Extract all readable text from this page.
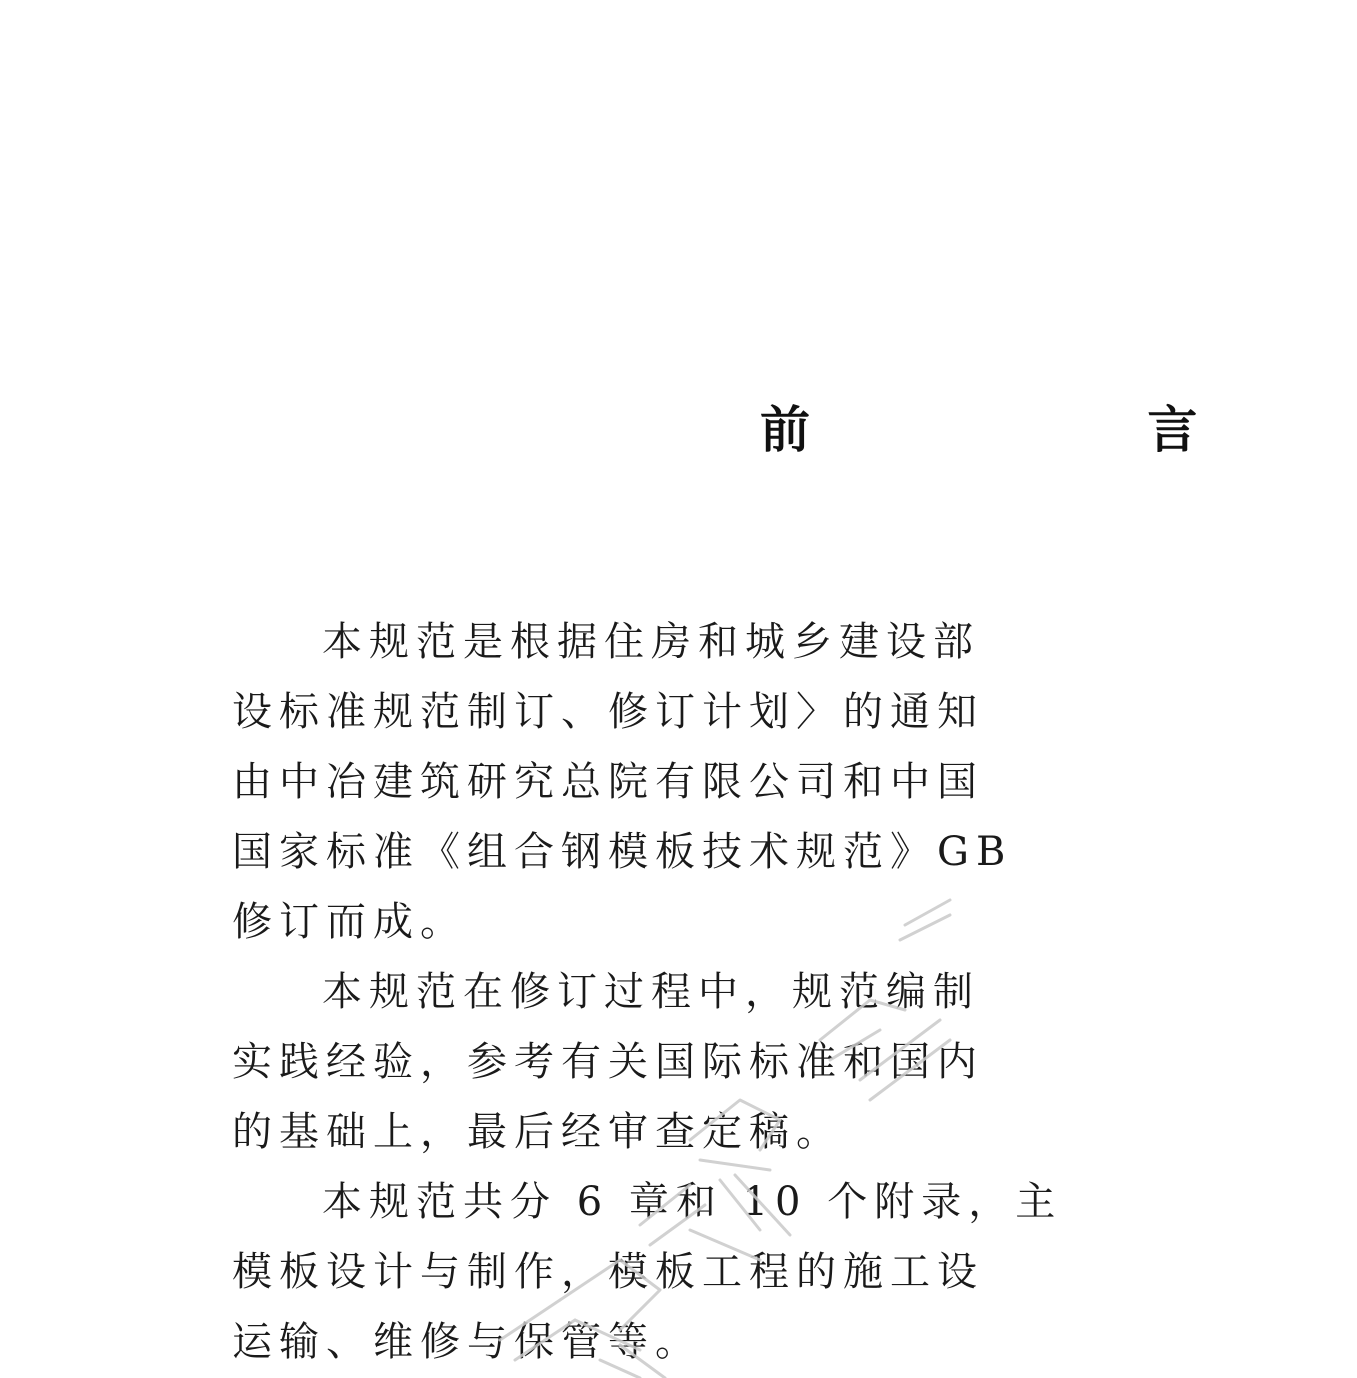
前 言
本规范是根据住房和城乡建设部
设标准规范制订、修订计划〉的通知
由中冶建筑研究总院有限公司和中国
国家标准《组合钢模板技术规范》GB
修订而成。
本规范在修订过程中，规范编制
实践经验，参考有关国际标准和国内
的基础上，最后经审查定稿。
本规范共分 6 章和 10 个附录，主
模板设计与制作，模板工程的施工设
运输、维修与保管等。
